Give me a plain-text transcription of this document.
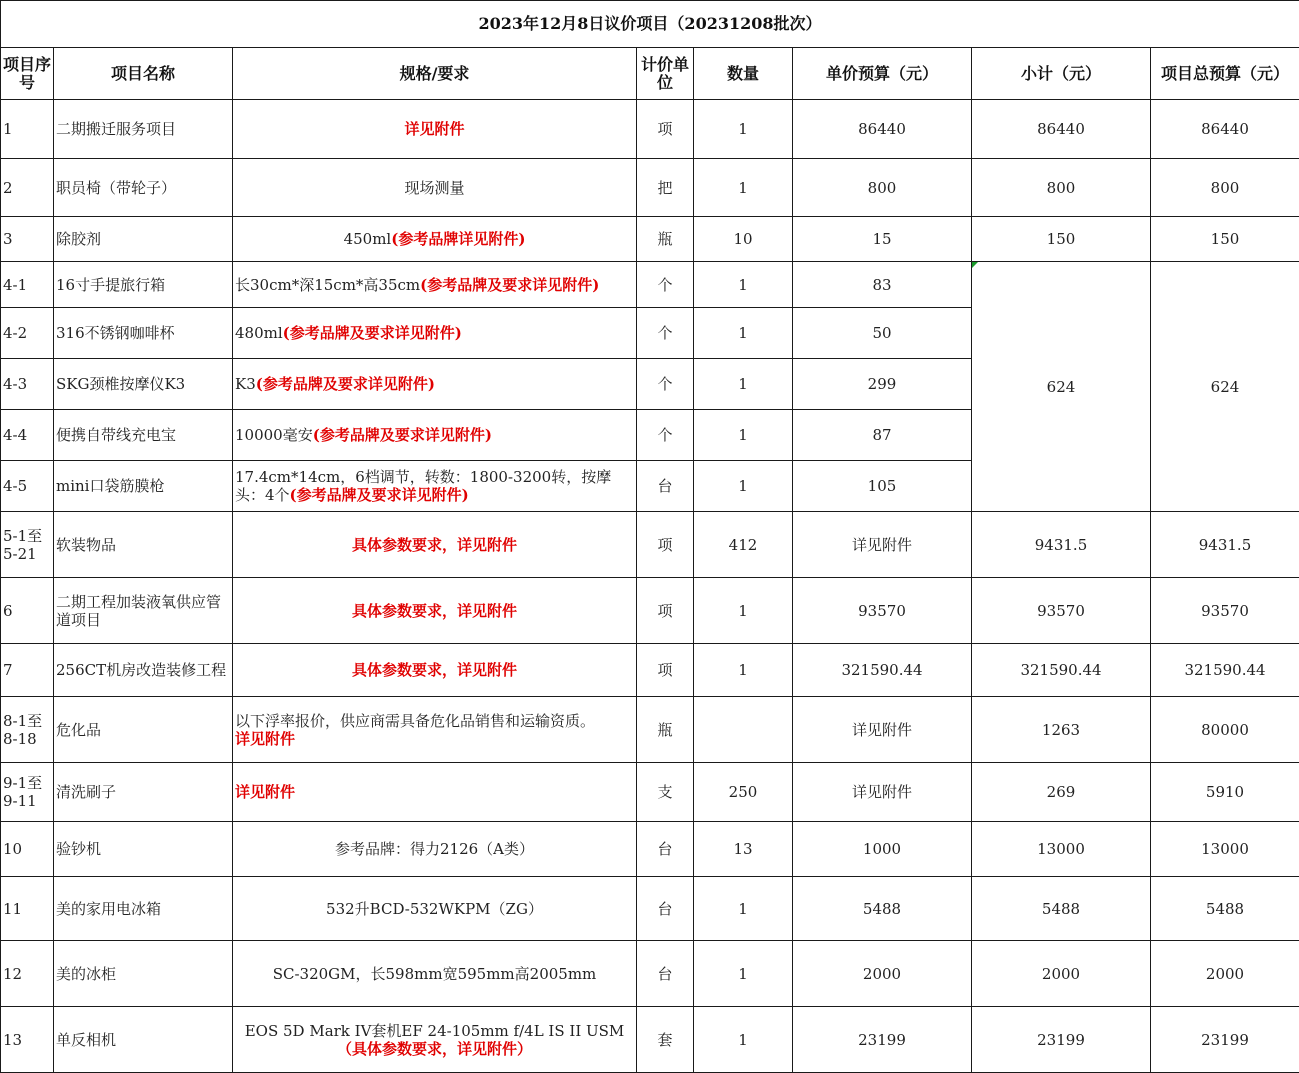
2023年12月8日议价项目（20231208批次）							
项目序号	项目名称	规格/要求	计价单位	数量	单价预算（元）	小计（元）	项目总预算（元）
1	二期搬迁服务项目	详见附件	项	1	86440	86440	86440
2	职员椅（带轮子）	现场测量	把	1	800	800	800
3	除胶剂	450ml(参考品牌详见附件)	瓶	10	15	150	150
4-1	16寸手提旅行箱	长30cm*深15cm*高35cm(参考品牌及要求详见附件)	个	1	83	624	624
4-2	316不锈钢咖啡杯	480ml(参考品牌及要求详见附件)	个	1	50		
4-3	SKG颈椎按摩仪K3	K3(参考品牌及要求详见附件)	个	1	299		
4-4	便携自带线充电宝	10000毫安(参考品牌及要求详见附件)	个	1	87		
4-5	mini口袋筋膜枪	17.4cm*14cm，6档调节，转数：1800-3200转，按摩头：4个(参考品牌及要求详见附件)	台	1	105		
5-1至5-21	软装物品	具体参数要求，详见附件	项	412	详见附件	9431.5	9431.5
6	二期工程加装液氧供应管道项目	具体参数要求，详见附件	项	1	93570	93570	93570
7	256CT机房改造装修工程	具体参数要求，详见附件	项	1	321590.44	321590.44	321590.44
8-1至8-18	危化品	以下浮率报价，供应商需具备危化品销售和运输资质。
详见附件	瓶		详见附件	1263	80000
9-1至9-11	清洗刷子	详见附件	支	250	详见附件	269	5910
10	验钞机	参考品牌：得力2126（A类）	台	13	1000	13000	13000
11	美的家用电冰箱	532升BCD-532WKPM（ZG）	台	1	5488	5488	5488
12	美的冰柜	SC-320GM，长598mm宽595mm高2005mm	台	1	2000	2000	2000
13	单反相机	EOS 5D Mark IV套机EF 24-105mm f/4L IS II USM
（具体参数要求，详见附件）	套	1	23199	23199	23199
